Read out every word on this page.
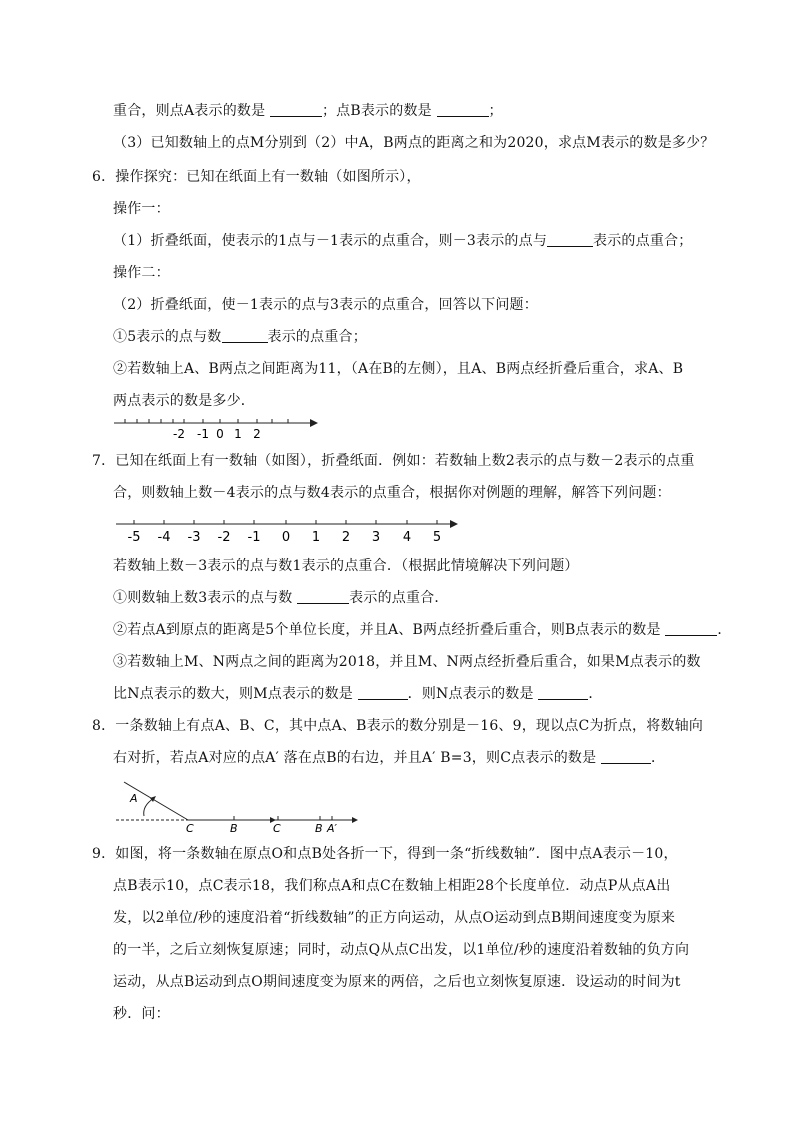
重合，则点A表示的数是	；点B表示的数是	；
（3）已知数轴上的点M分别到（2）中A，B两点的距离之和为2020，求点M表示的数是多少？
6．操作探究：已知在纸面上有一数轴（如图所示），
操作一：
（1）折叠纸面，使表示的1点与－1表示的点重合，则－3表示的点与	表示的点重合；
操作二：
（2）折叠纸面，使－1表示的点与3表示的点重合，回答以下问题：
①5表示的点与数	表示的点重合；
②若数轴上A、B两点之间距离为11，（A在B的左侧），且A、B两点经折叠后重合，求A、B
两点表示的数是多少．
-2 -1 0 1 2
7．已知在纸面上有一数轴（如图），折叠纸面．例如：若数轴上数2表示的点与数－2表示的点重
合，则数轴上数－4表示的点与数4表示的点重合，根据你对例题的理解，解答下列问题：
-5 -4 -3 -2 -1 0 1 2 3 4 5
若数轴上数－3表示的点与数1表示的点重合．（根据此情境解决下列问题）
①则数轴上数3表示的点与数	表示的点重合．
②若点A到原点的距离是5个单位长度，并且A、B两点经折叠后重合，则B点表示的数是	．
③若数轴上M、N两点之间的距离为2018，并且M、N两点经折叠后重合，如果M点表示的数
比N点表示的数大，则M点表示的数是	．则N点表示的数是	．
8．一条数轴上有点A、B、C，其中点A、B表示的数分别是－16、9，现以点C为折点，将数轴向
右对折，若点A对应的点A′ 落在点B的右边，并且A′ B=3，则C点表示的数是	．
A
C	B	C	B A′
9．如图，将一条数轴在原点O和点B处各折一下，得到一条“折线数轴”．图中点A表示－10，
点B表示10，点C表示18，我们称点A和点C在数轴上相距28个长度单位．动点P从点A出
发，以2单位/秒的速度沿着“折线数轴”的正方向运动，从点O运动到点B期间速度变为原来
的一半，之后立刻恢复原速；同时，动点Q从点C出发，以1单位/秒的速度沿着数轴的负方向
运动，从点B运动到点O期间速度变为原来的两倍，之后也立刻恢复原速．设运动的时间为t
秒．问：
